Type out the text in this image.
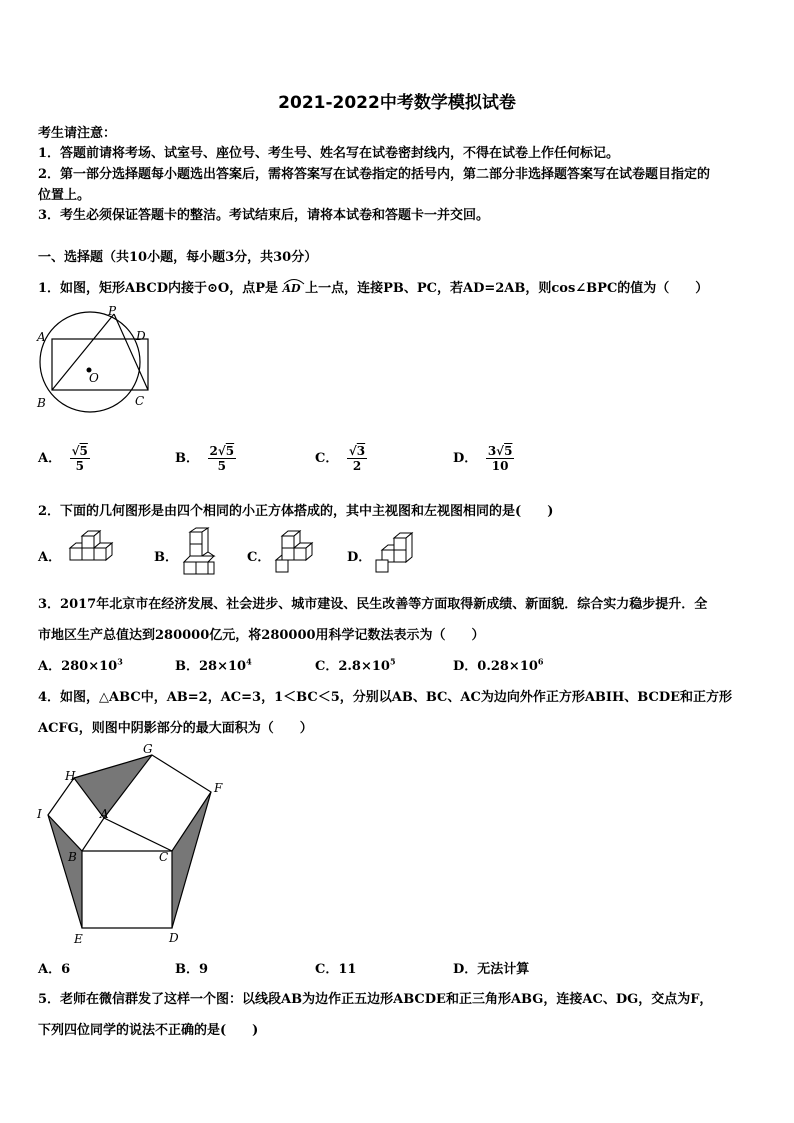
2021-2022中考数学模拟试卷
考生请注意：
1．答题前请将考场、试室号、座位号、考生号、姓名写在试卷密封线内，不得在试卷上作任何标记。
2．第一部分选择题每小题选出答案后，需将答案写在试卷指定的括号内，第二部分非选择题答案写在试卷题目指定的
位置上。
3．考生必须保证答题卡的整洁。考试结束后，请将本试卷和答题卡一并交回。
一、选择题（共10小题，每小题3分，共30分）
1．如图，矩形ABCD内接于⊙O，点P是 AD 上一点，连接PB、PC，若AD=2AB，则cos∠BPC的值为（　　）
A
B	C
D
P
O
A． $\frac{√5}{5}$	B． $\frac{2√5}{5}$	C． $\frac{√3}{2}$	D． $\frac{3√5}{10}$
2．下面的几何图形是由四个相同的小正方体搭成的，其中主视图和左视图相同的是(　　)
A．	B．	C．	D．
3．2017年北京市在经济发展、社会进步、城市建设、民生改善等方面取得新成绩、新面貌．综合实力稳步提升．全
市地区生产总值达到280000亿元，将280000用科学记数法表示为（　　）
A．$280\times 10^3$	B．$28\times 10^4$	C．$2.8\times 10^5$	D．$0.28\times 10^6$
4．如图，△ABC中，AB=2，AC=3，1＜BC＜5，分别以AB、BC、AC为边向外作正方形ABIH、BCDE和正方形
ACFG，则图中阴影部分的最大面积为（　　）
G
H
F
I	A
B	C
E	D
A．6	B．9	C．11	D．无法计算
5．老师在微信群发了这样一个图：以线段AB为边作正五边形ABCDE和正三角形ABG，连接AC、DG，交点为F，
下列四位同学的说法不正确的是(　　)
